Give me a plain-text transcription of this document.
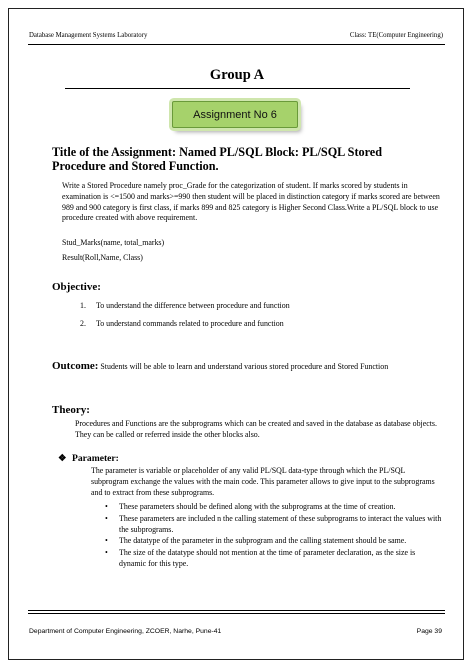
Database Management Systems Laboratory	Class: TE(Computer Engineering)
Group A
Assignment No 6
Title of the Assignment: Named PL/SQL Block: PL/SQL Stored Procedure and Stored Function.
Write a Stored Procedure namely proc_Grade for the categorization of student. If marks scored by students in examination is <=1500 and marks>=990 then student will be placed in distinction category if marks scored are between 989 and 900 category is first class, if marks 899 and 825 category is Higher Second Class.Write a PL/SQL block to use procedure created with above requirement.
Stud_Marks(name, total_marks)
Result(Roll,Name, Class)
Objective:
1. To understand the difference between procedure and function
2. To understand commands related to procedure and function
Outcome: Students will be able to learn and understand various stored procedure and Stored Function
Theory:
Procedures and Functions are the subprograms which can be created and saved in the database as database objects. They can be called or referred inside the other blocks also.
❖ Parameter:
The parameter is variable or placeholder of any valid PL/SQL data-type through which the PL/SQL subprogram exchange the values with the main code. This parameter allows to give input to the subprograms and to extract from these subprograms.
• These parameters should be defined along with the subprograms at the time of creation.
• These parameters are included n the calling statement of these subprograms to interact the values with the subprograms.
• The datatype of the parameter in the subprogram and the calling statement should be same.
• The size of the datatype should not mention at the time of parameter declaration, as the size is dynamic for this type.
Department of Computer Engineering, ZCOER, Narhe, Pune-41	Page 39
